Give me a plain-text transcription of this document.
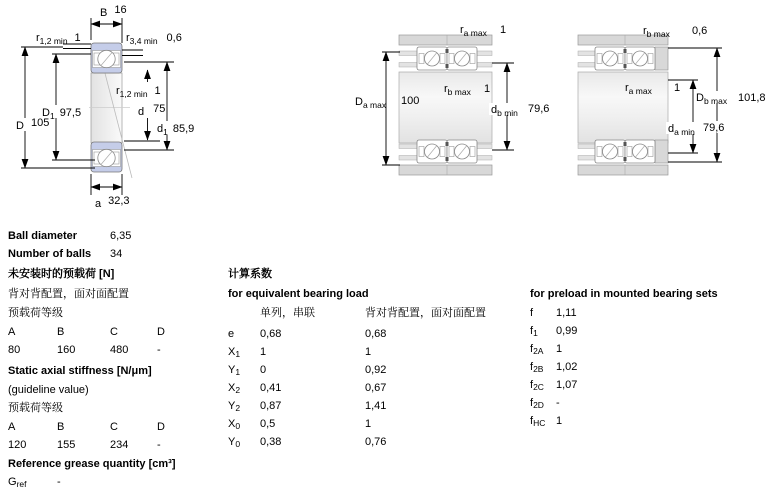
B 16
$r_{1,2 min}$ 1	$r_{3,4 min}$ 0,6
$r_{1,2 min}$ 1
$D_1$ 97,5
D 105
d 75
$d_1$ 85,9
a 32,3
$D_{a max}$ 100
$r_{a max}$ 1
$r_{b max}$ 1
$d_{b min}$ 79,6
$r_{b max}$ 0,6
$r_{a max}$ 1
$D_{b max}$ 101,8
$d_{a min}$ 79,6
Ball diameter	6,35
Number of balls 34
未安装时的预载荷 [N]
背对背配置，面对面配置
预载荷等级
A	B	C	D
80	160	480	-
Static axial stiffness [N/μm]
(guideline value)
预载荷等级
A	B	C	D
120	155	234	-
Reference grease quantity [cm³]
$G_{ref}$	-
计算系数
for equivalent bearing load
单列，串联	背对背配置，面对面配置
e 0,68	0,68
$X_1$ 1	1
$Y_1$ 0	0,92
$X_2$ 0,41	0,67
$Y_2$ 0,87	1,41
$X_0$ 0,5	1
$Y_0$ 0,38	0,76
for preload in mounted bearing sets
f 1,11
$f_1$ 0,99
$f_{2A}$ 1
$f_{2B}$ 1,02
$f_{2C}$ 1,07
$f_{2D}$ -
$f_{HC}$ 1
